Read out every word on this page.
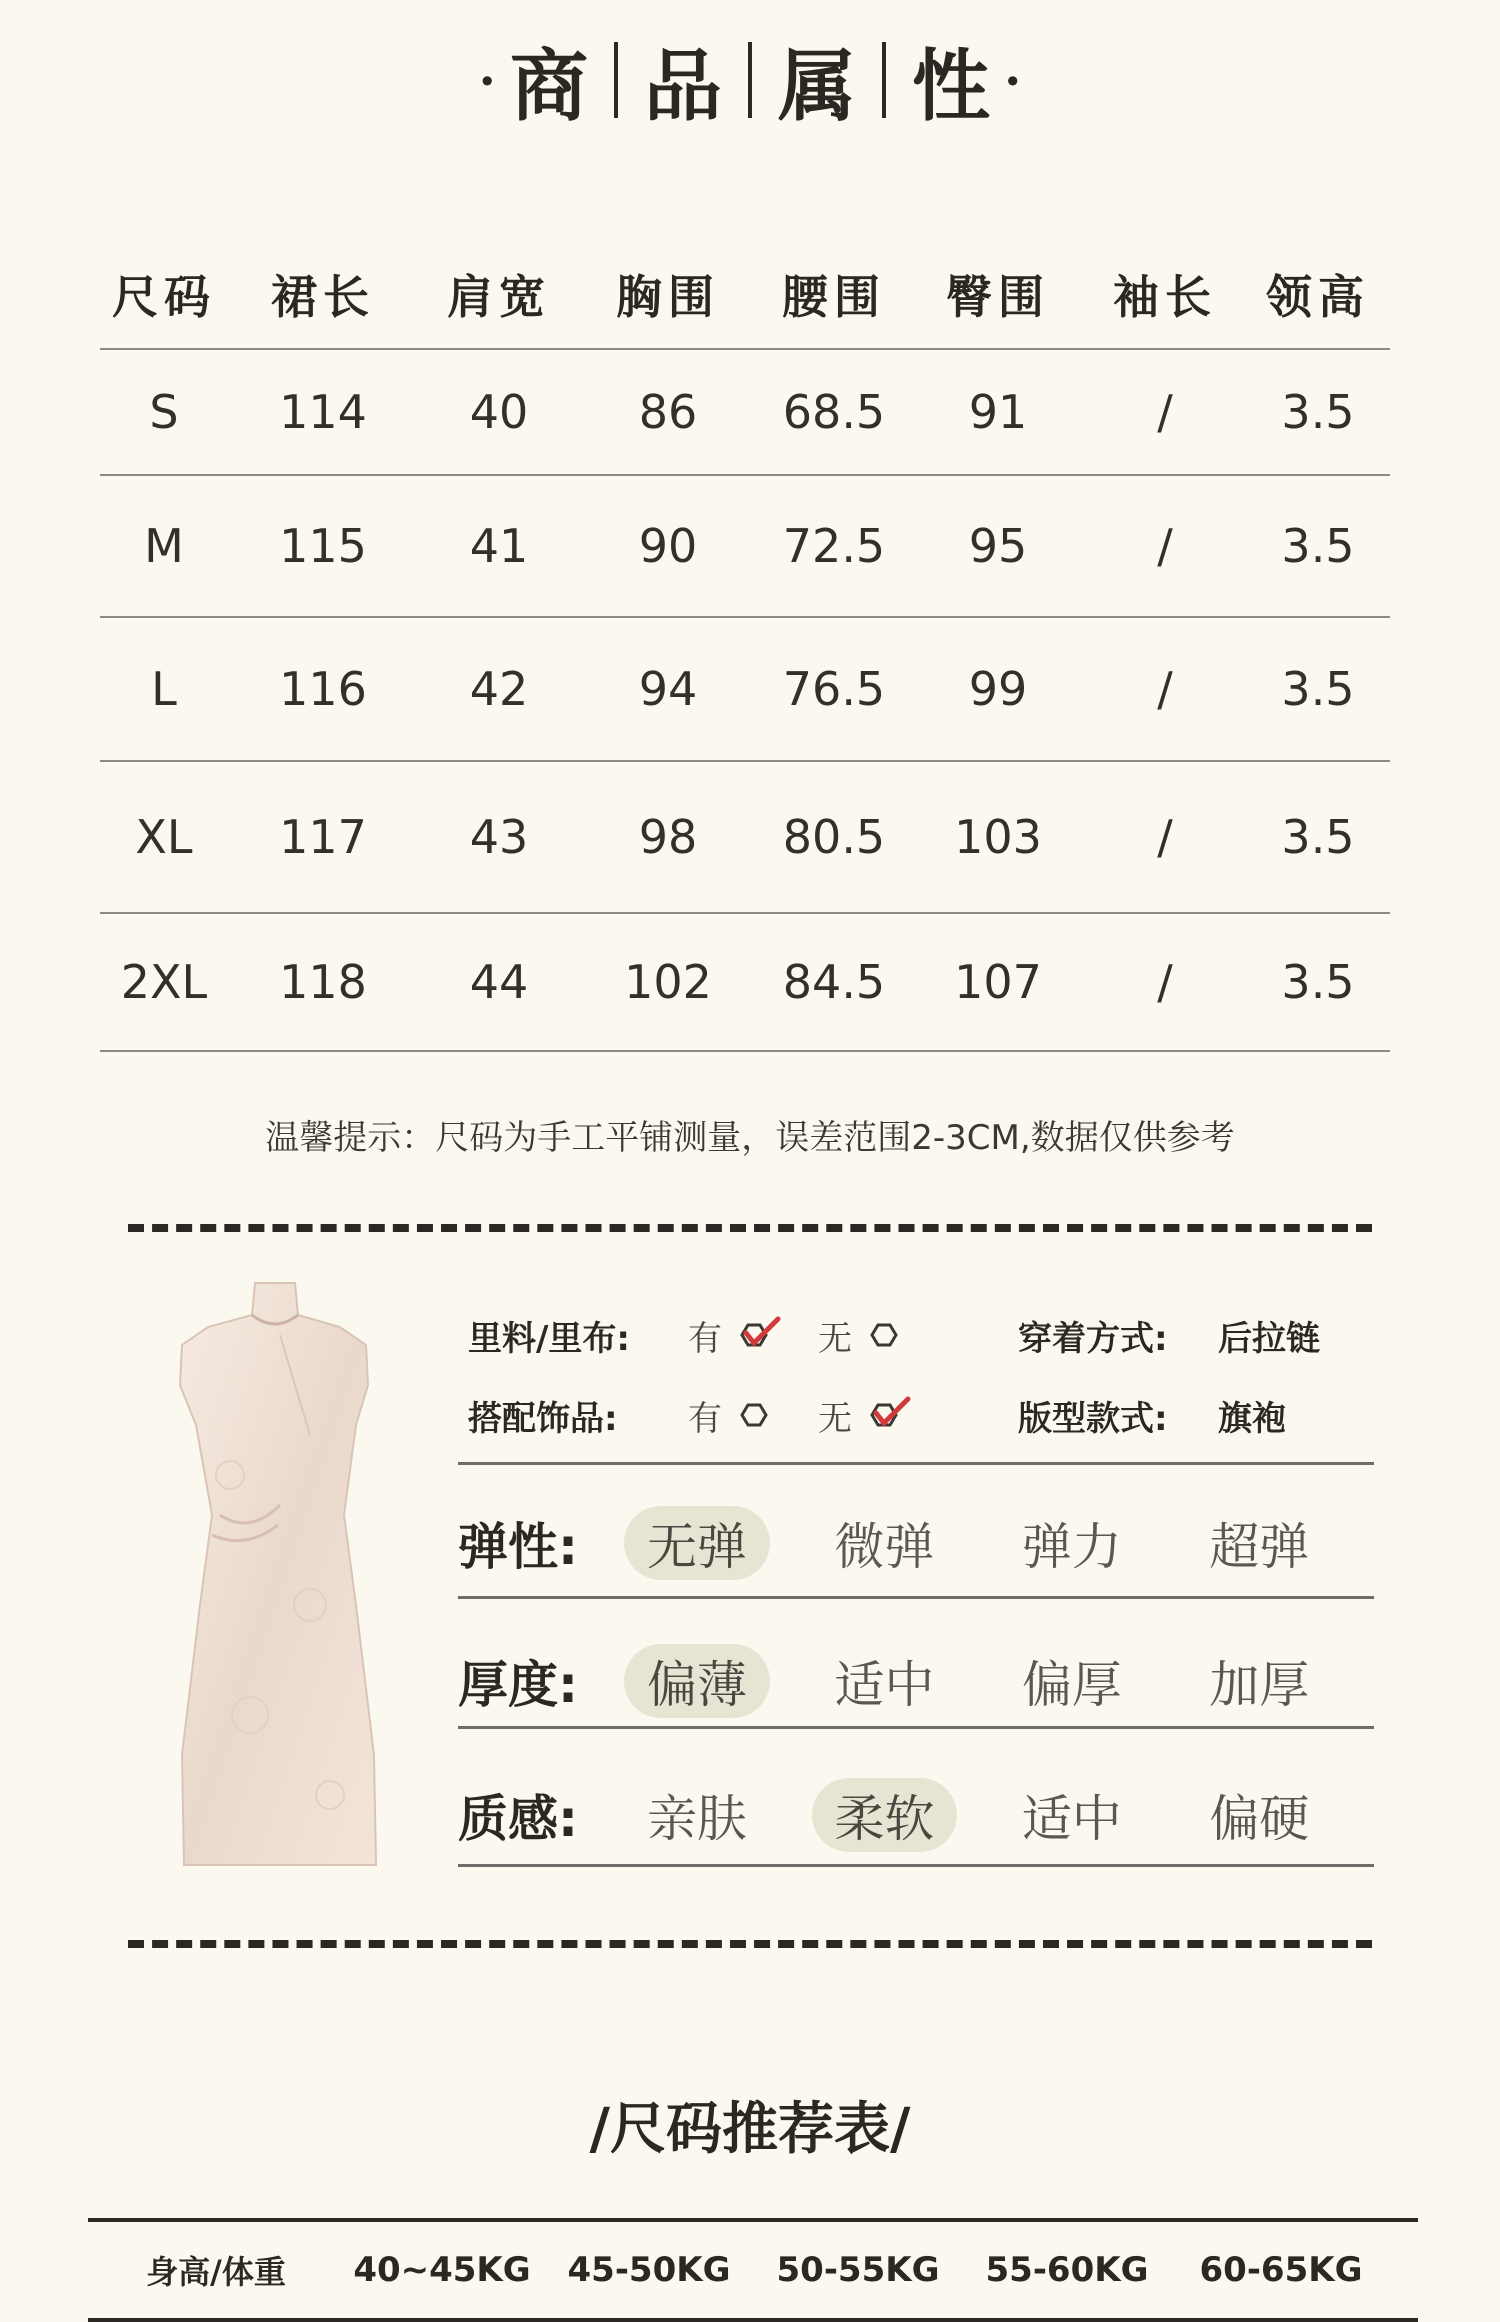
· 商 品 属 性 ·
尺码	裙长	肩宽	胸围	腰围	臀围	袖长	领高
S	114	40	86	68.5	91	/	3.5
M	115	41	90	72.5	95	/	3.5
L	116	42	94	76.5	99	/	3.5
XL	117	43	98	80.5	103	/	3.5
2XL	118	44	102	84.5	107	/	3.5
温馨提示：尺码为手工平铺测量，误差范围2-3CM,数据仅供参考
里料/里布:	有	无	穿着方式:	后拉链
搭配饰品:	有	无	版型款式:	旗袍
弹性:	无弹	微弹	弹力	超弹
厚度:	偏薄	适中	偏厚	加厚
质感:	亲肤	柔软	适中	偏硬
/尺码推荐表/
身高/体重	40~45KG	45-50KG	50-55KG	55-60KG	60-65KG
